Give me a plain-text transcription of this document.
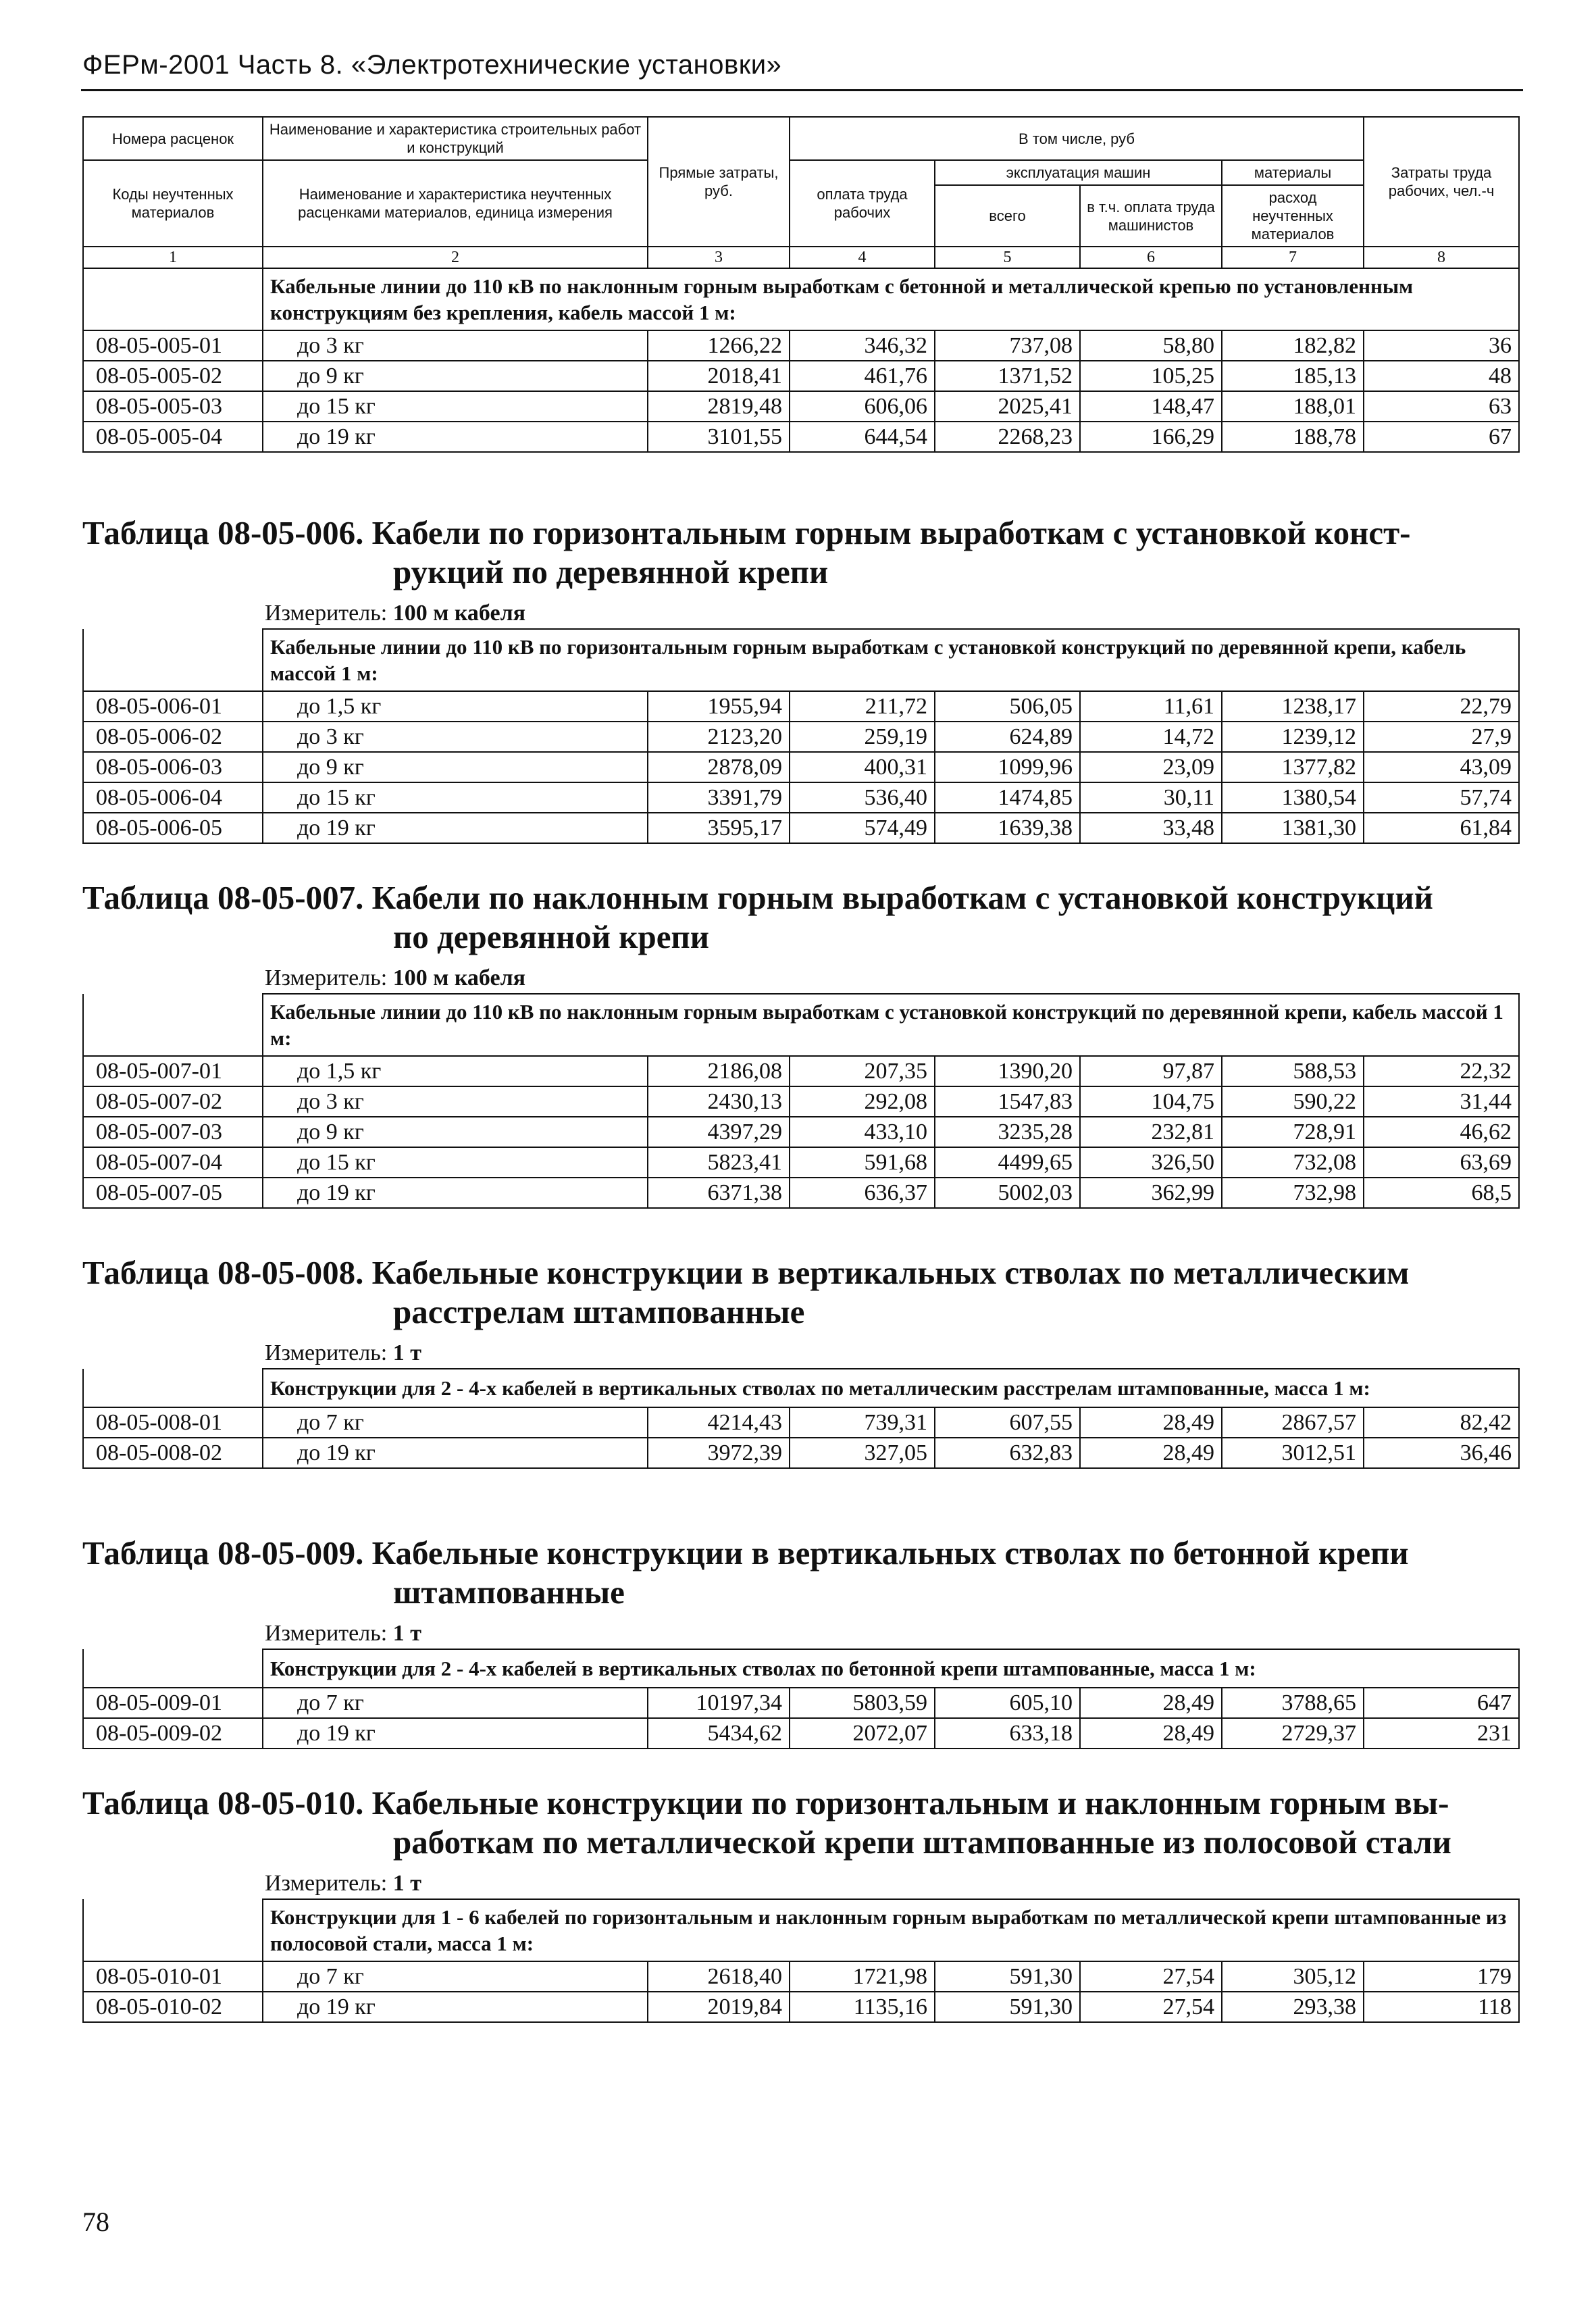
ФЕРм-2001 Часть 8. «Электротехнические установки»
Номера расценок	Наименование и характеристика строительных работ и конструкций	Прямые затраты, руб.	В том числе, руб				Затраты труда рабочих, чел.-ч
Коды неучтенных материалов	Наименование и характеристика неучтенных расценками материалов, единица измерения		оплата труда рабочих	эксплуатация машин		материалы	
				всего	в т.ч. оплата труда машинистов	расход неучтенных материалов	
1	2	3	4	5	6	7	8
	Кабельные линии до 110 кВ по наклонным горным выработкам с бетонной и металлической крепью по установленным конструкциям без крепления, кабель массой 1 м:						
08-05-005-01	до 3 кг	1266,22	346,32	737,08	58,80	182,82	36
08-05-005-02	до 9 кг	2018,41	461,76	1371,52	105,25	185,13	48
08-05-005-03	до 15 кг	2819,48	606,06	2025,41	148,47	188,01	63
08-05-005-04	до 19 кг	3101,55	644,54	2268,23	166,29	188,78	67
Таблица 08-05-006. Кабели по горизонтальным горным выработкам с установкой конст-
рукций по деревянной крепи
Измеритель: 100 м кабеля
	Кабельные линии до 110 кВ по горизонтальным горным выработкам с установкой конструкций по деревянной крепи, кабель массой 1 м:						
08-05-006-01	до 1,5 кг	1955,94	211,72	506,05	11,61	1238,17	22,79
08-05-006-02	до 3 кг	2123,20	259,19	624,89	14,72	1239,12	27,9
08-05-006-03	до 9 кг	2878,09	400,31	1099,96	23,09	1377,82	43,09
08-05-006-04	до 15 кг	3391,79	536,40	1474,85	30,11	1380,54	57,74
08-05-006-05	до 19 кг	3595,17	574,49	1639,38	33,48	1381,30	61,84
Таблица 08-05-007. Кабели по наклонным горным выработкам с установкой конструкций
по деревянной крепи
Измеритель: 100 м кабеля
	Кабельные линии до 110 кВ по наклонным горным выработкам с установкой конструкций по деревянной крепи, кабель массой 1 м:						
08-05-007-01	до 1,5 кг	2186,08	207,35	1390,20	97,87	588,53	22,32
08-05-007-02	до 3 кг	2430,13	292,08	1547,83	104,75	590,22	31,44
08-05-007-03	до 9 кг	4397,29	433,10	3235,28	232,81	728,91	46,62
08-05-007-04	до 15 кг	5823,41	591,68	4499,65	326,50	732,08	63,69
08-05-007-05	до 19 кг	6371,38	636,37	5002,03	362,99	732,98	68,5
Таблица 08-05-008. Кабельные конструкции в вертикальных стволах по металлическим
расстрелам штампованные
Измеритель: 1 т
	Конструкции для 2 - 4-х кабелей в вертикальных стволах по металлическим расстрелам штампованные, масса 1 м:						
08-05-008-01	до 7 кг	4214,43	739,31	607,55	28,49	2867,57	82,42
08-05-008-02	до 19 кг	3972,39	327,05	632,83	28,49	3012,51	36,46
Таблица 08-05-009. Кабельные конструкции в вертикальных стволах по бетонной крепи
штампованные
Измеритель: 1 т
	Конструкции для 2 - 4-х кабелей в вертикальных стволах по бетонной крепи штампованные, масса 1 м:						
08-05-009-01	до 7 кг	10197,34	5803,59	605,10	28,49	3788,65	647
08-05-009-02	до 19 кг	5434,62	2072,07	633,18	28,49	2729,37	231
Таблица 08-05-010. Кабельные конструкции по горизонтальным и наклонным горным вы-
работкам по металлической крепи штампованные из полосовой стали
Измеритель: 1 т
	Конструкции для 1 - 6 кабелей по горизонтальным и наклонным горным выработкам по металлической крепи штампованные из полосовой стали, масса 1 м:						
08-05-010-01	до 7 кг	2618,40	1721,98	591,30	27,54	305,12	179
08-05-010-02	до 19 кг	2019,84	1135,16	591,30	27,54	293,38	118
78
